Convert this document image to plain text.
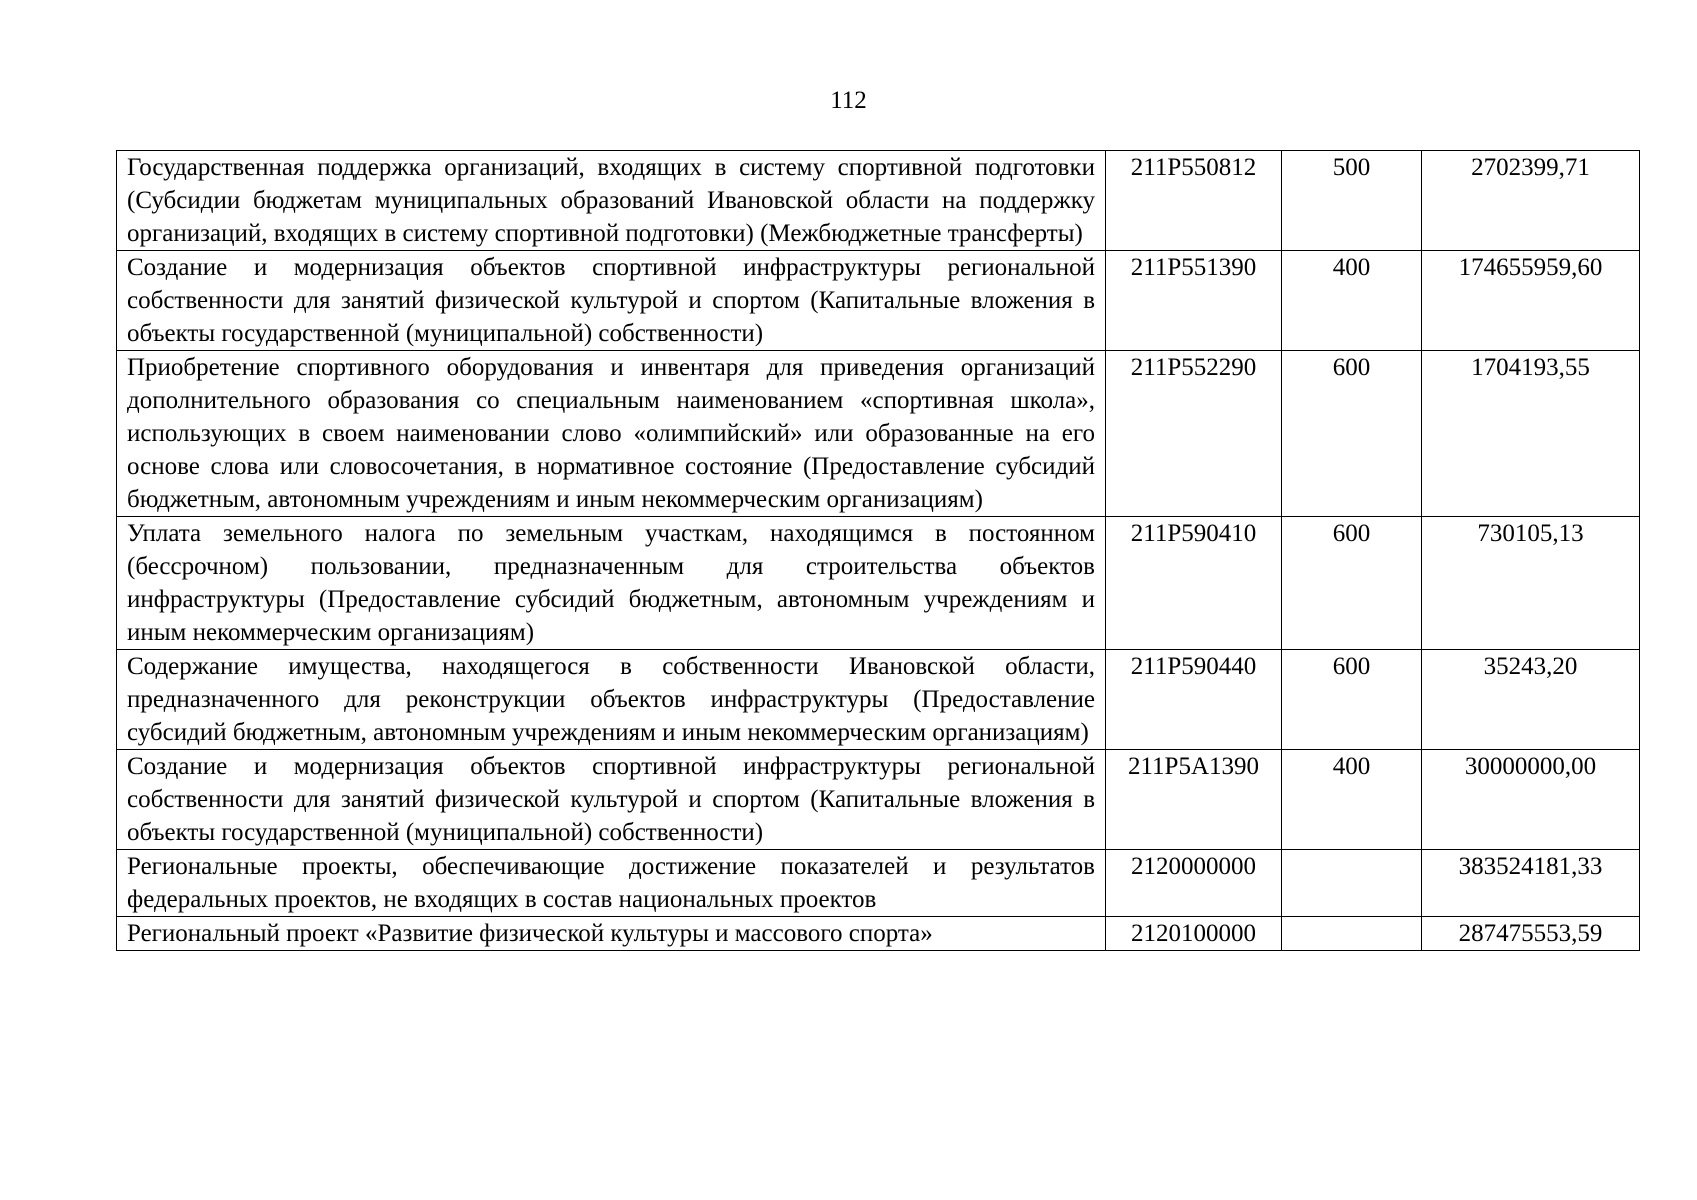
112
Государственная поддержка организаций, входящих в систему спортивной подготовки (Субсидии бюджетам муниципальных образований Ивановской области на поддержку организаций, входящих в систему спортивной подготовки) (Межбюджетные трансферты)	211P550812	500	2702399,71
Создание и модернизация объектов спортивной инфраструктуры региональной собственности для занятий физической культурой и спортом (Капитальные вложения в объекты государственной (муниципальной) собственности)	211P551390	400	174655959,60
Приобретение спортивного оборудования и инвентаря для приведения организаций дополнительного образования со специальным наименованием «спортивная школа», использующих в своем наименовании слово «олимпийский» или образованные на его основе слова или словосочетания, в нормативное состояние (Предоставление субсидий бюджетным, автономным учреждениям и иным некоммерческим организациям)	211P552290	600	1704193,55
Уплата земельного налога по земельным участкам, находящимся в постоянном (бессрочном) пользовании, предназначенным для строительства объектов инфраструктуры (Предоставление субсидий бюджетным, автономным учреждениям и иным некоммерческим организациям)	211P590410	600	730105,13
Содержание имущества, находящегося в собственности Ивановской области, предназначенного для реконструкции объектов инфраструктуры (Предоставление субсидий бюджетным, автономным учреждениям и иным некоммерческим организациям)	211P590440	600	35243,20
Создание и модернизация объектов спортивной инфраструктуры региональной собственности для занятий физической культурой и спортом (Капитальные вложения в объекты государственной (муниципальной) собственности)	211P5A1390	400	30000000,00
Региональные проекты, обеспечивающие достижение показателей и результатов федеральных проектов, не входящих в состав национальных проектов	2120000000		383524181,33
Региональный проект «Развитие физической культуры и массового спорта»	2120100000		287475553,59
